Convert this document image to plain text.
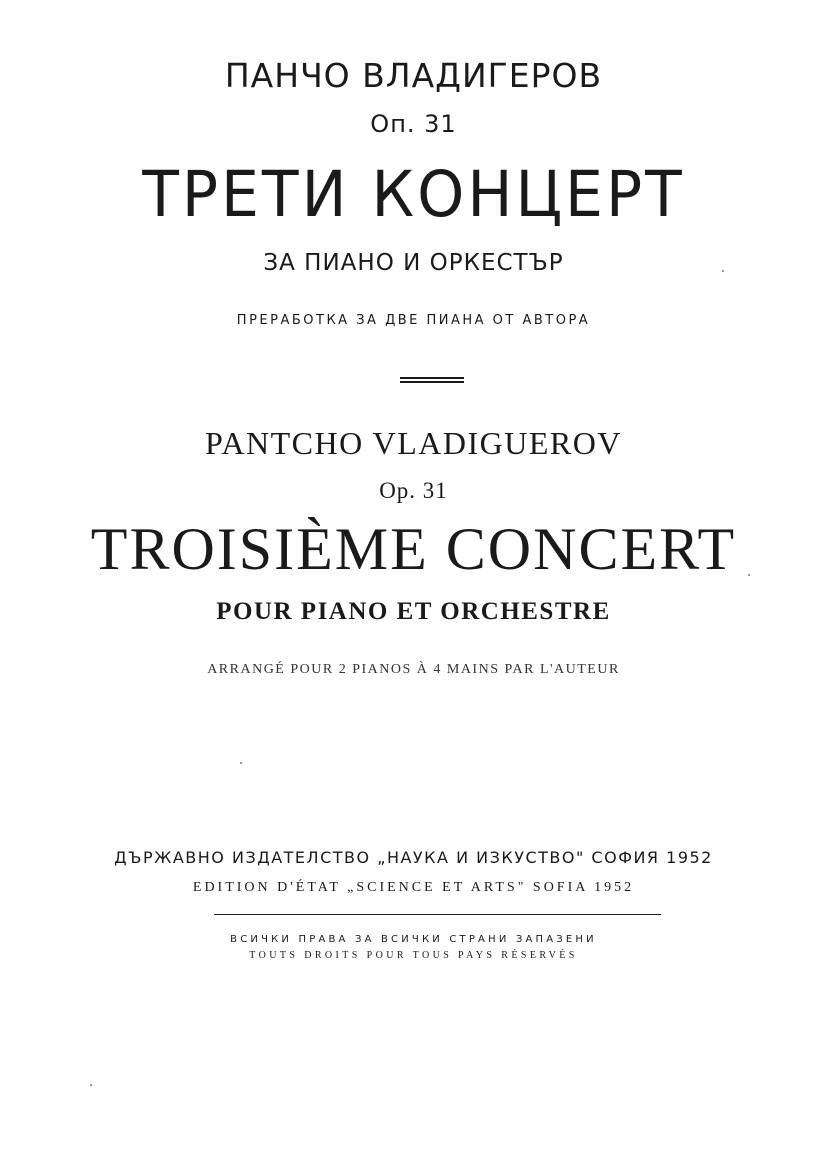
ПАНЧО ВЛАДИГЕРОВ
Оп. 31
ТРЕТИ КОНЦЕРТ
ЗА ПИАНО И ОРКЕСТЪР
ПРЕРАБОТКА ЗА ДВЕ ПИАНА ОТ АВТОРА
PANTCHO VLADIGUEROV
Op. 31
TROISIÈME CONCERT
POUR PIANO ET ORCHESTRE
ARRANGÉ POUR 2 PIANOS À 4 MAINS PAR L'AUTEUR
ДЪРЖАВНО ИЗДАТЕЛСТВО „НАУКА И ИЗКУСТВО" СОФИЯ 1952
EDITION D'ÉTAT „SCIENCE ET ARTS" SOFIA 1952
ВСИЧКИ ПРАВА ЗА ВСИЧКИ СТРАНИ ЗАПАЗЕНИ
TOUTS DROITS POUR TOUS PAYS RÉSERVÉS
